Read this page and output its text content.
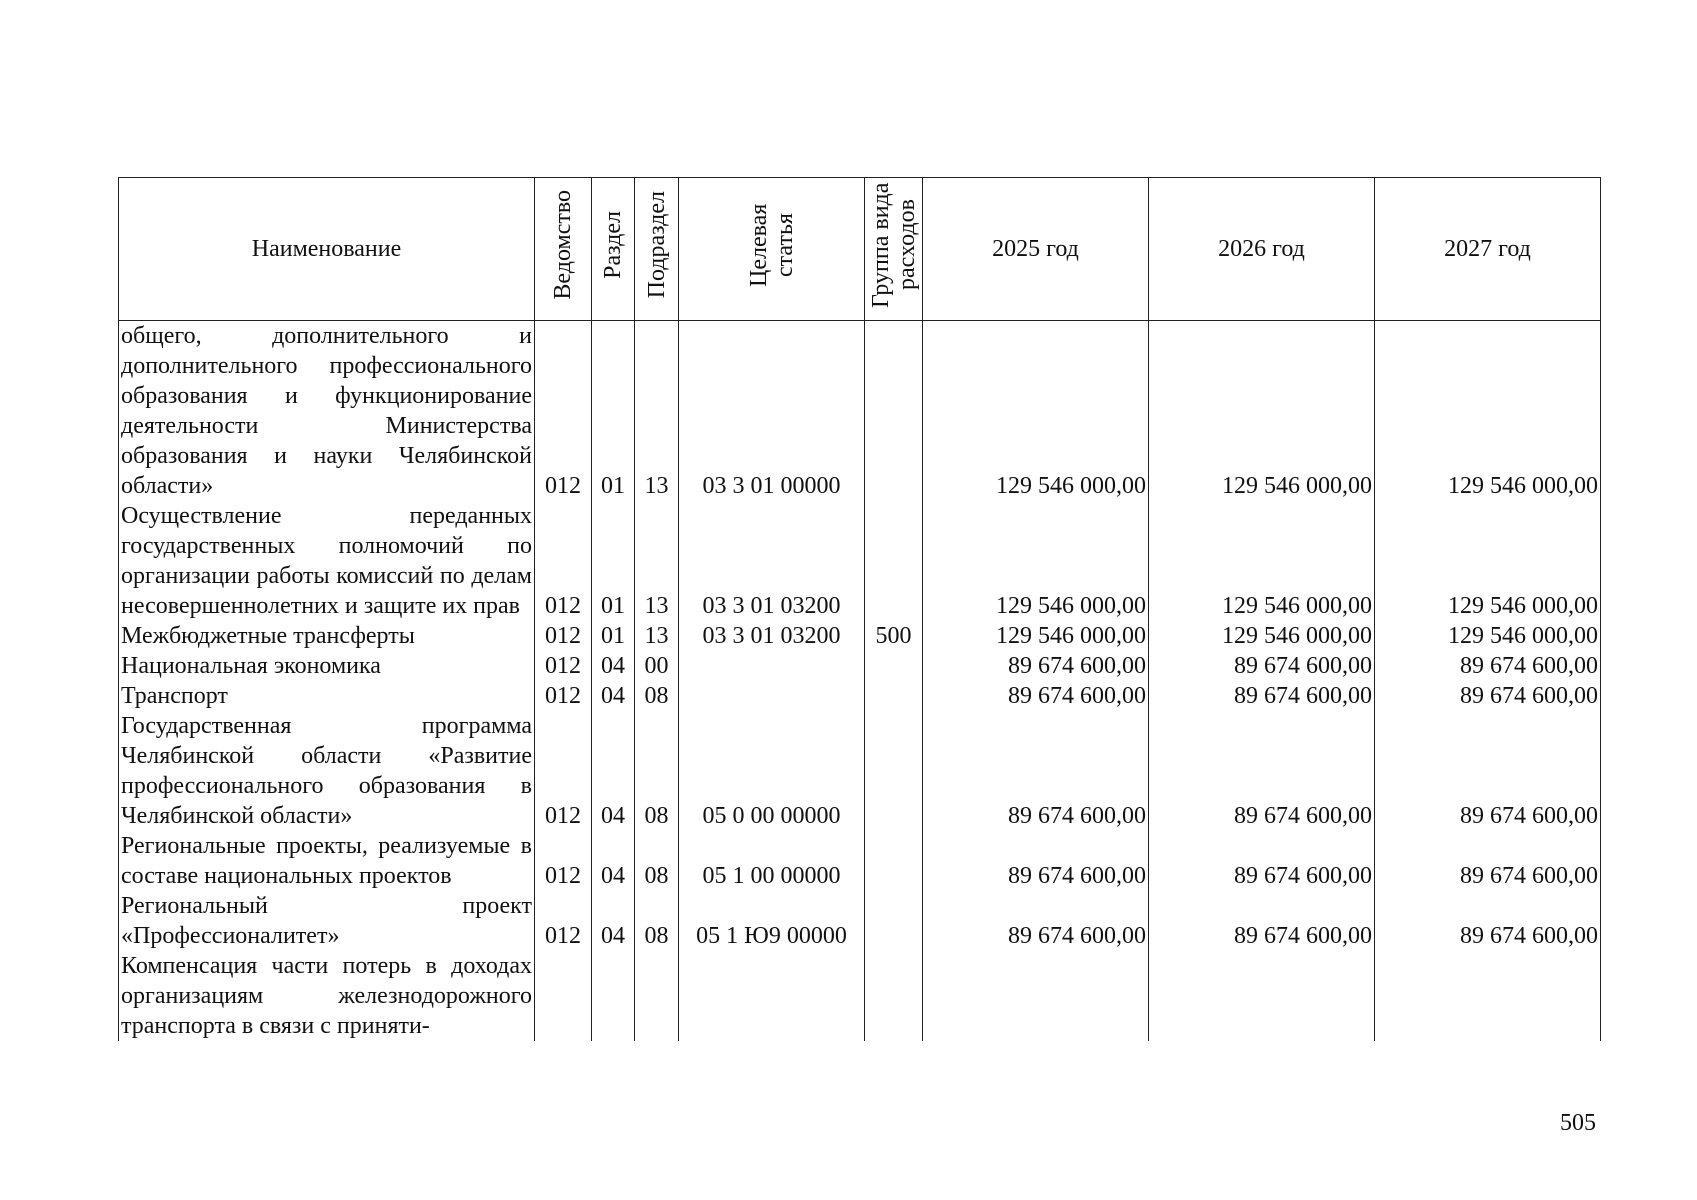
Наименование	Ведомство	Раздел	Подраздел	Целевая статья	Группа вида расходов	2025 год	2026 год	2027 год
общего, дополнительного и дополнительного профессионального образования и функционирование деятельности Министерства образования и науки Челябинской области»	012	01	13	03 3 01 00000		129 546 000,00	129 546 000,00	129 546 000,00
Осуществление переданных государственных полномочий по организации работы комиссий по делам несовершеннолетних и защите их прав	012	01	13	03 3 01 03200		129 546 000,00	129 546 000,00	129 546 000,00
Межбюджетные трансферты	012	01	13	03 3 01 03200	500	129 546 000,00	129 546 000,00	129 546 000,00
Национальная экономика	012	04	00			89 674 600,00	89 674 600,00	89 674 600,00
Транспорт	012	04	08			89 674 600,00	89 674 600,00	89 674 600,00
Государственная программа Челябинской области «Развитие профессионального образования в Челябинской области»	012	04	08	05 0 00 00000		89 674 600,00	89 674 600,00	89 674 600,00
Региональные проекты, реализуемые в составе национальных проектов	012	04	08	05 1 00 00000		89 674 600,00	89 674 600,00	89 674 600,00
Региональный проект «Профессионалитет»	012	04	08	05 1 Ю9 00000		89 674 600,00	89 674 600,00	89 674 600,00
Компенсация части потерь в доходах организациям железнодорожного транспорта в связи с приняти-								
505
